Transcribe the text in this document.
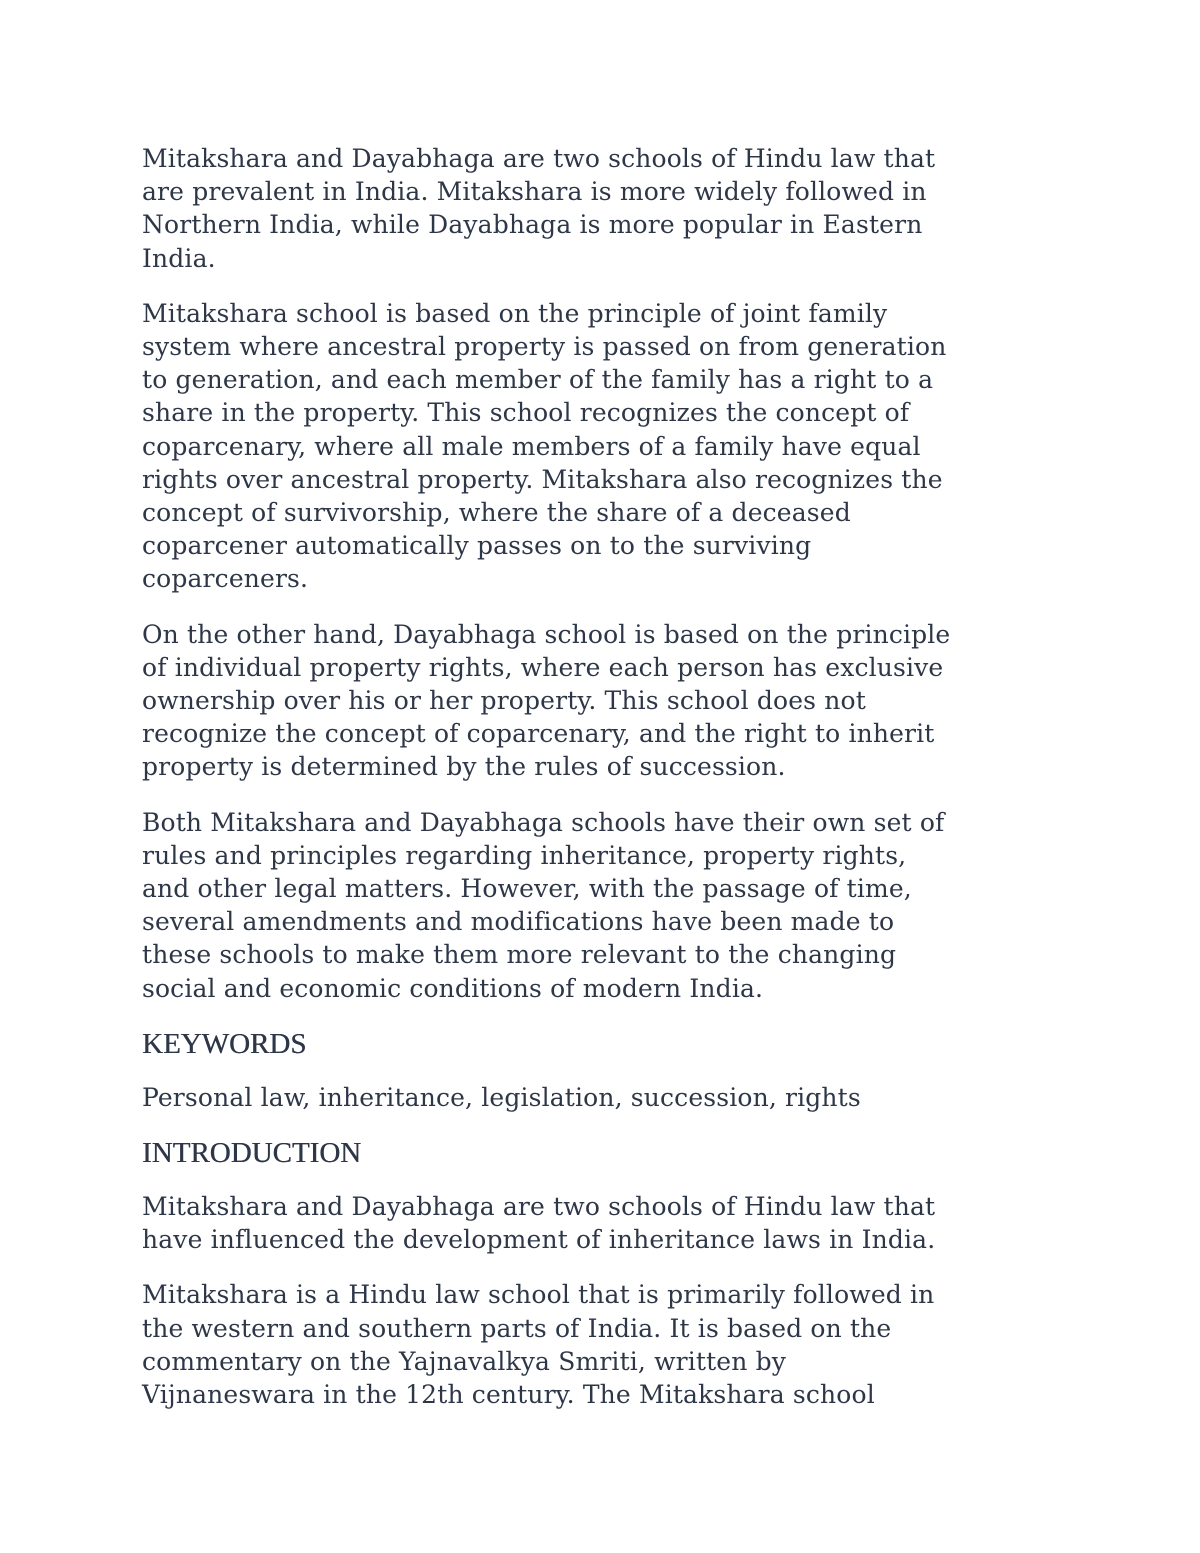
Mitakshara and Dayabhaga are two schools of Hindu law that
are prevalent in India. Mitakshara is more widely followed in
Northern India, while Dayabhaga is more popular in Eastern
India.

Mitakshara school is based on the principle of joint family
system where ancestral property is passed on from generation
to generation, and each member of the family has a right to a
share in the property. This school recognizes the concept of
coparcenary, where all male members of a family have equal
rights over ancestral property. Mitakshara also recognizes the
concept of survivorship, where the share of a deceased
coparcener automatically passes on to the surviving
coparceners.

On the other hand, Dayabhaga school is based on the principle
of individual property rights, where each person has exclusive
ownership over his or her property. This school does not
recognize the concept of coparcenary, and the right to inherit
property is determined by the rules of succession.

Both Mitakshara and Dayabhaga schools have their own set of
rules and principles regarding inheritance, property rights,
and other legal matters. However, with the passage of time,
several amendments and modifications have been made to
these schools to make them more relevant to the changing
social and economic conditions of modern India.

KEYWORDS

Personal law, inheritance, legislation, succession, rights

INTRODUCTION

Mitakshara and Dayabhaga are two schools of Hindu law that
have influenced the development of inheritance laws in India.

Mitakshara is a Hindu law school that is primarily followed in
the western and southern parts of India. It is based on the
commentary on the Yajnavalkya Smriti, written by
Vijnaneswara in the 12th century. The Mitakshara school
